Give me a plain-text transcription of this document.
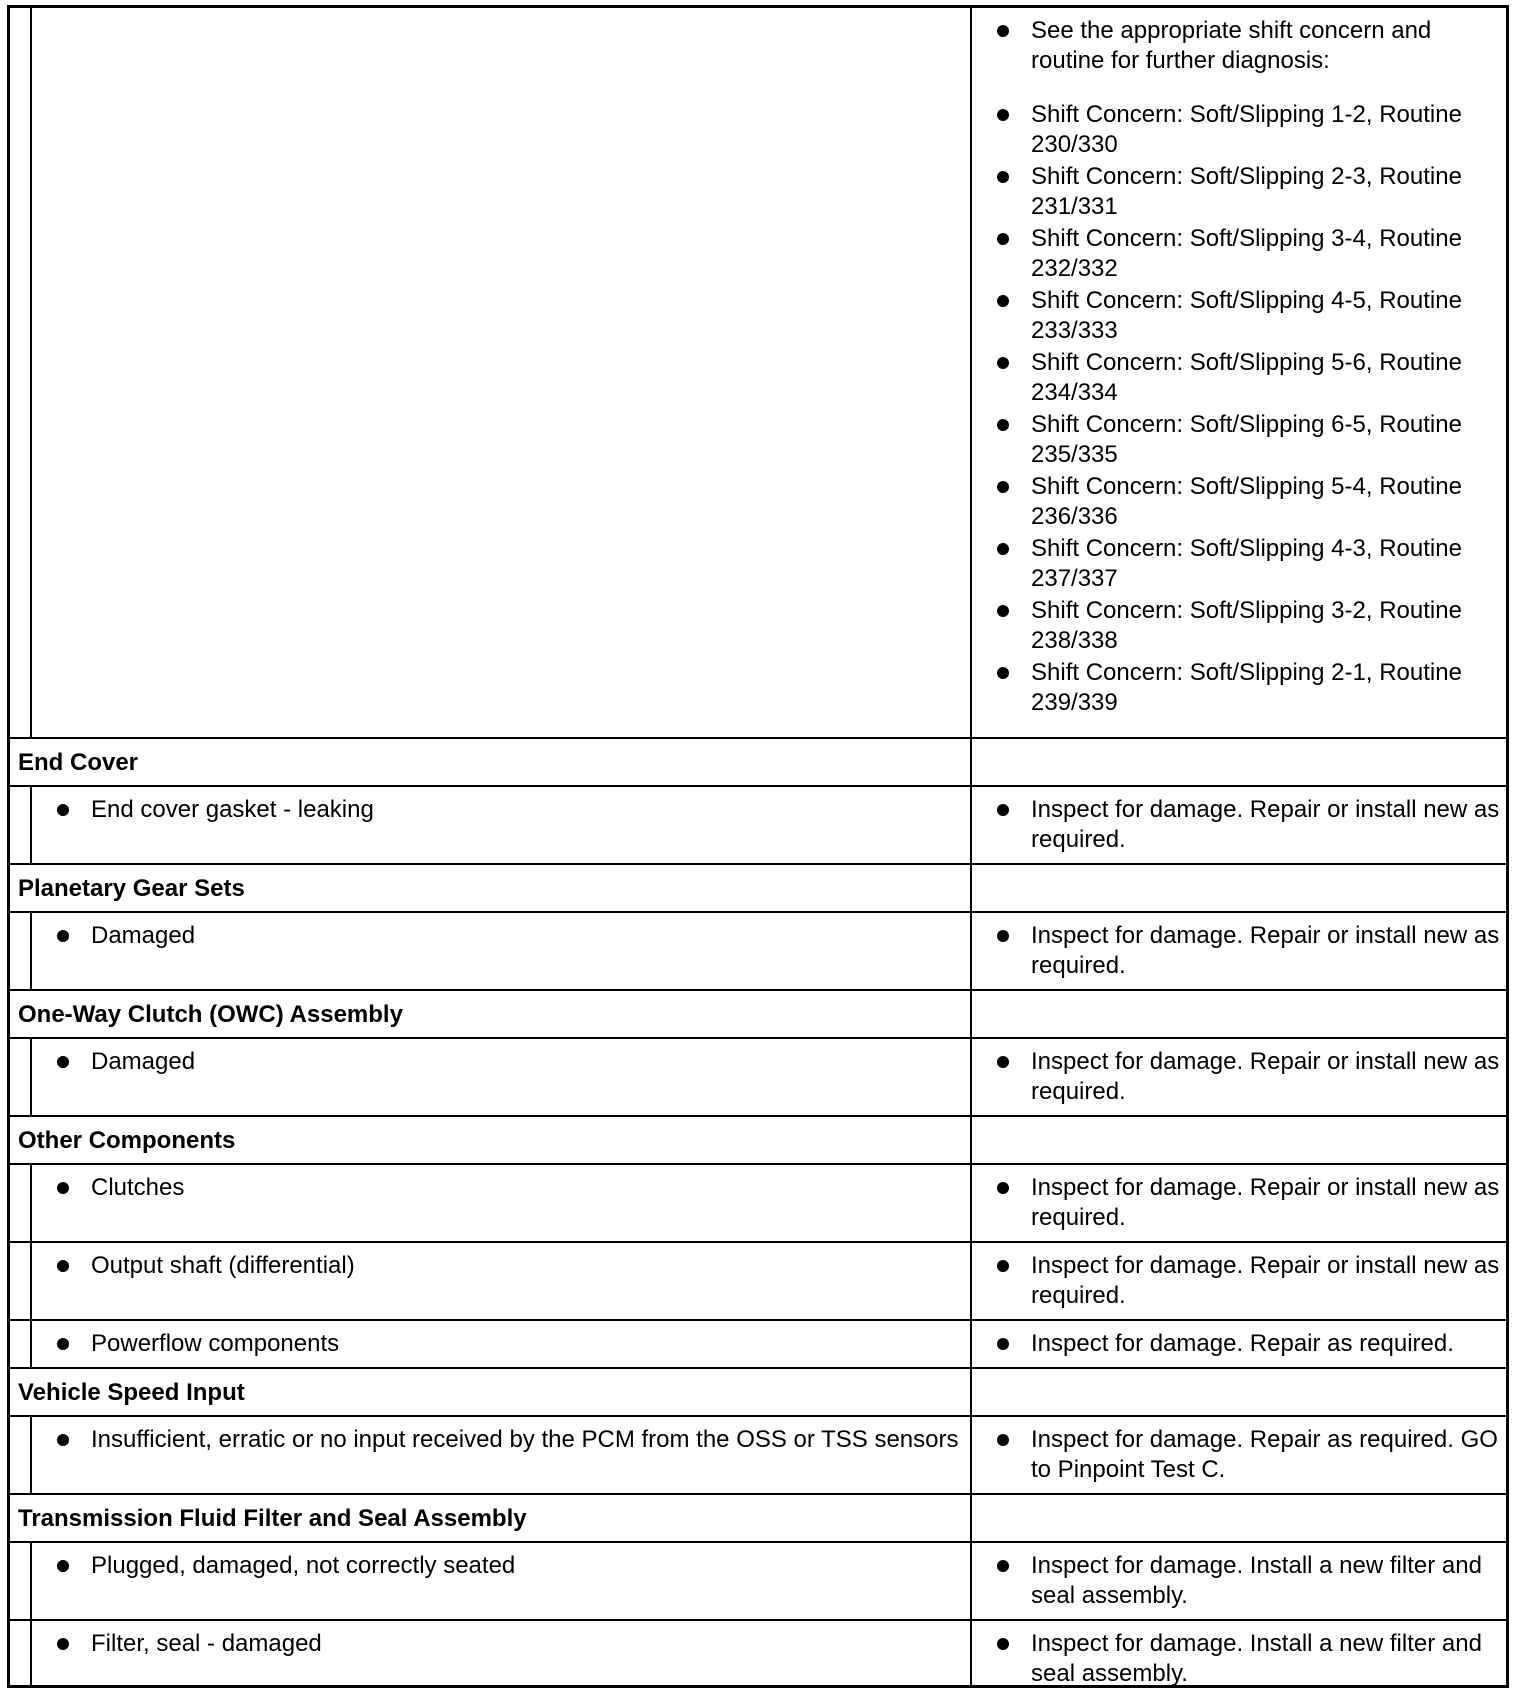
See the appropriate shift concern and routine for further diagnosis:
Shift Concern: Soft/Slipping 1-2, Routine 230/330
Shift Concern: Soft/Slipping 2-3, Routine 231/331
Shift Concern: Soft/Slipping 3-4, Routine 232/332
Shift Concern: Soft/Slipping 4-5, Routine 233/333
Shift Concern: Soft/Slipping 5-6, Routine 234/334
Shift Concern: Soft/Slipping 6-5, Routine 235/335
Shift Concern: Soft/Slipping 5-4, Routine 236/336
Shift Concern: Soft/Slipping 4-3, Routine 237/337
Shift Concern: Soft/Slipping 3-2, Routine 238/338
Shift Concern: Soft/Slipping 2-1, Routine 239/339
End Cover
End cover gasket - leaking	Inspect for damage. Repair or install new as required.
Planetary Gear Sets
Damaged	Inspect for damage. Repair or install new as required.
One-Way Clutch (OWC) Assembly
Damaged	Inspect for damage. Repair or install new as required.
Other Components
Clutches	Inspect for damage. Repair or install new as required.
Output shaft (differential)	Inspect for damage. Repair or install new as required.
Powerflow components	Inspect for damage. Repair as required.
Vehicle Speed Input
Insufficient, erratic or no input received by the PCM from the OSS or TSS sensors	Inspect for damage. Repair as required. GO to Pinpoint Test C.
Transmission Fluid Filter and Seal Assembly
Plugged, damaged, not correctly seated	Inspect for damage. Install a new filter and seal assembly.
Filter, seal - damaged	Inspect for damage. Install a new filter and seal assembly.
